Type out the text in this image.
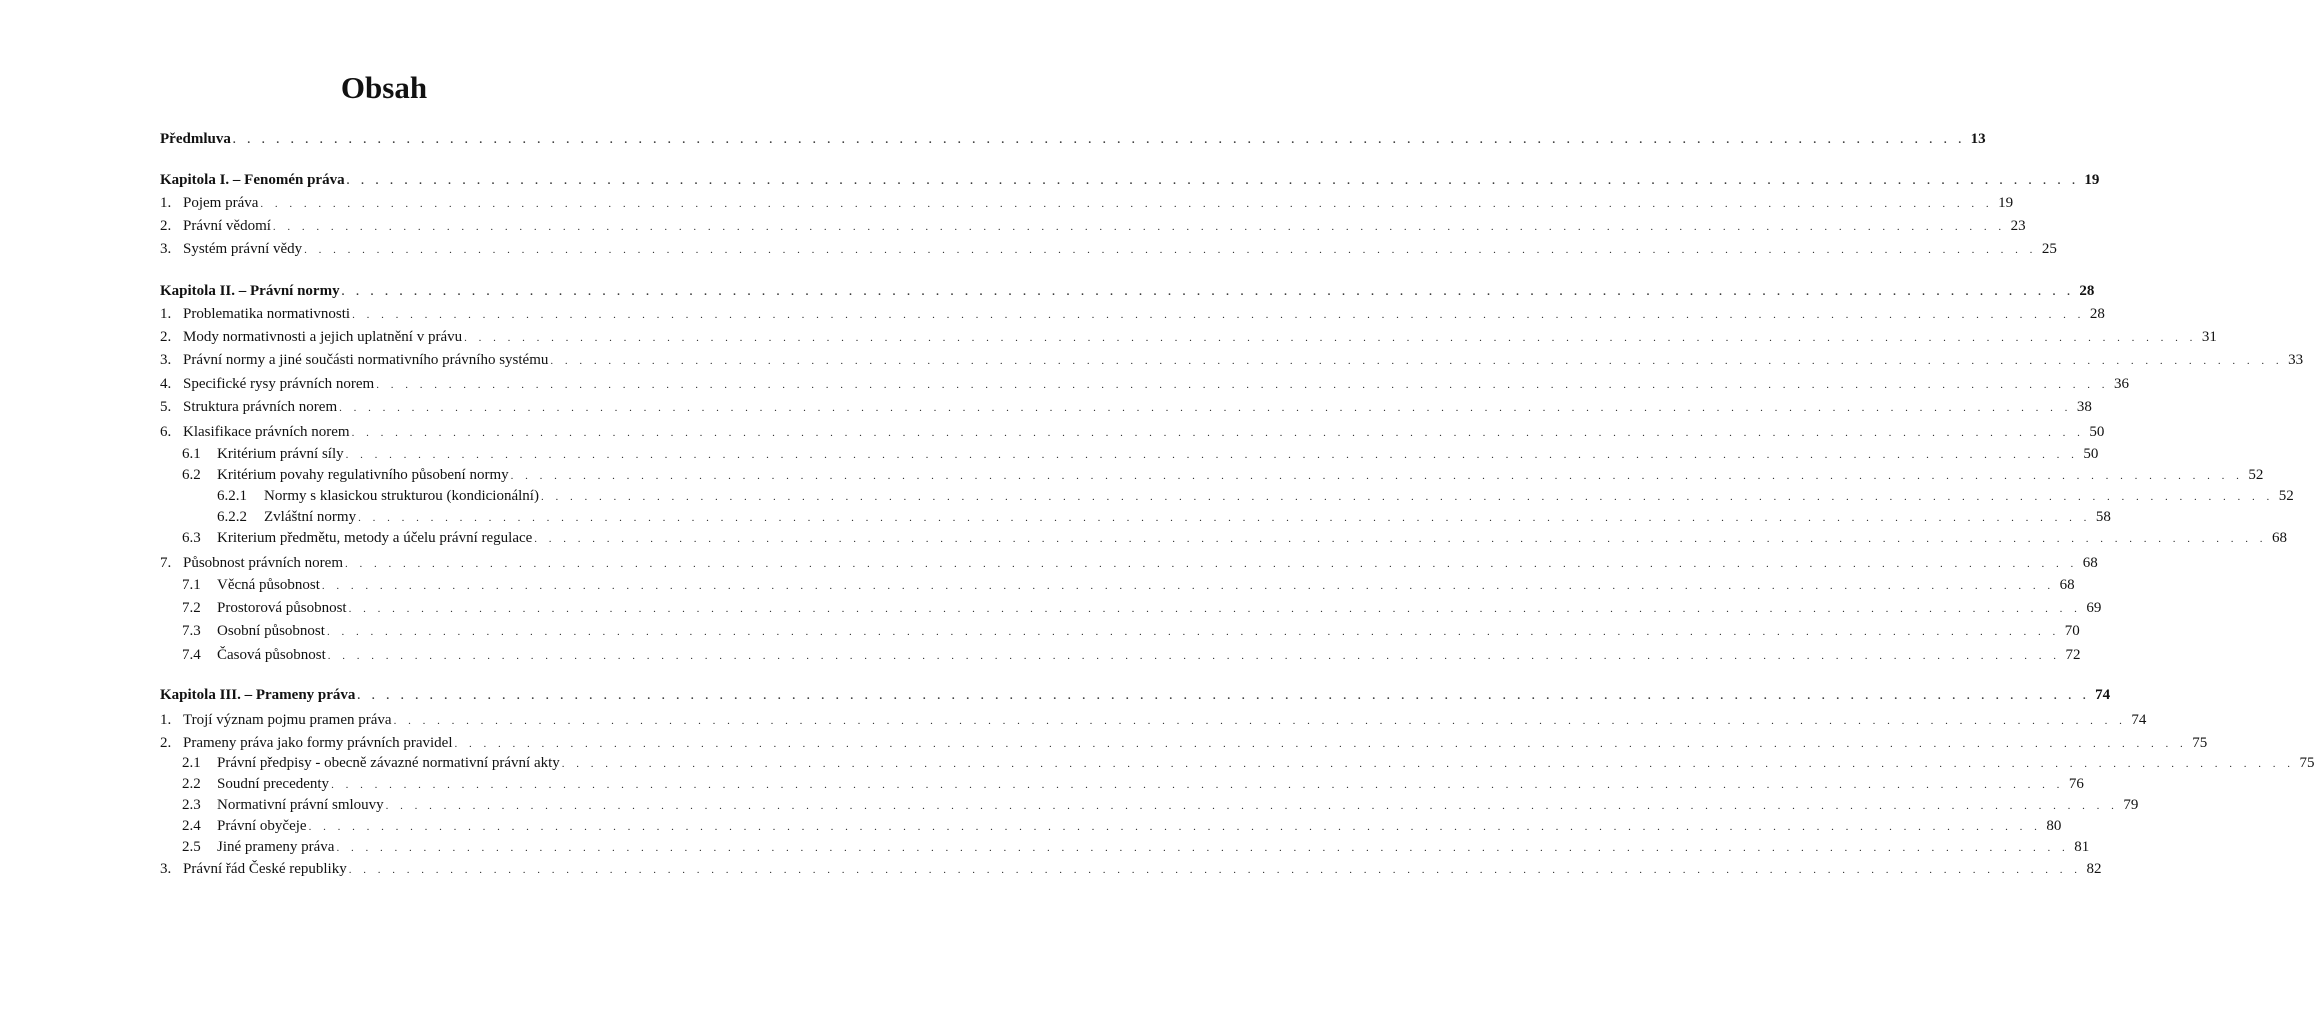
Obsah
Předmluva . . . . . . . . . . . . . . . . . . . . . . . . . . . . . . . . . . . . . . . . . . . . . . . . . . . . . . . . . . . . . . . . . . . . . . . . . . . . . . . . . . . . . . . . . . . . . . . . . . . . . . . . . . . . . . . . . . . . . . . . 13
Kapitola I. – Fenomén práva . . . . . . . . . . . . . . . . . . . . . . . . . . . . . . . . . . . . . . . . . . . . . . . . . . . . . . . . . . . . . . . . . . . . . . . . . . . . . . . . . . . . . . . . . . . . . . . . . . . . . . . . . . . . . . . . . . . . . . . . 19
1. Pojem práva . . . . . . . . . . . . . . . . . . . . . . . . . . . . . . . . . . . . . . . . . . . . . . . . . . . . . . . . . . . . . . . . . . . . . . . . . . . . . . . . . . . . . . . . . . . . . . . . . . . . . . . . . . . . . . . . . . . . . . . . 19
2. Právní vědomí . . . . . . . . . . . . . . . . . . . . . . . . . . . . . . . . . . . . . . . . . . . . . . . . . . . . . . . . . . . . . . . . . . . . . . . . . . . . . . . . . . . . . . . . . . . . . . . . . . . . . . . . . . . . . . . . . . . . . . . . 23
3. Systém právní vědy . . . . . . . . . . . . . . . . . . . . . . . . . . . . . . . . . . . . . . . . . . . . . . . . . . . . . . . . . . . . . . . . . . . . . . . . . . . . . . . . . . . . . . . . . . . . . . . . . . . . . . . . . . . . . . . . . . . . . . . . 25
Kapitola II. – Právní normy . . . . . . . . . . . . . . . . . . . . . . . . . . . . . . . . . . . . . . . . . . . . . . . . . . . . . . . . . . . . . . . . . . . . . . . . . . . . . . . . . . . . . . . . . . . . . . . . . . . . . . . . . . . . . . . . . . . . . . . . 28
1. Problematika normativnosti . . . . . . . . . . . . . . . . . . . . . . . . . . . . . . . . . . . . . . . . . . . . . . . . . . . . . . . . . . . . . . . . . . . . . . . . . . . . . . . . . . . . . . . . . . . . . . . . . . . . . . . . . . . . . . . . . . . . . . . . 28
2. Mody normativnosti a jejich uplatnění v právu . . . . . . . . . . . . . . . . . . . . . . . . . . . . . . . . . . . . . . . . . . . . . . . . . . . . . . . . . . . . . . . . . . . . . . . . . . . . . . . . . . . . . . . . . . . . . . . . . . . . . . . . . . . . . . . . . . . . . . . . 31
3. Právní normy a jiné součásti normativního právního systému . . . . . . . . . . . . . . . . . . . . . . . . . . . . . . . . . . . . . . . . . . . . . . . . . . . . . . . . . . . . . . . . . . . . . . . . . . . . . . . . . . . . . . . . . . . . . . . . . . . . . . . . . . . . . . . . . . . . . . . . 33
4. Specifické rysy právních norem . . . . . . . . . . . . . . . . . . . . . . . . . . . . . . . . . . . . . . . . . . . . . . . . . . . . . . . . . . . . . . . . . . . . . . . . . . . . . . . . . . . . . . . . . . . . . . . . . . . . . . . . . . . . . . . . . . . . . . . . 36
5. Struktura právních norem . . . . . . . . . . . . . . . . . . . . . . . . . . . . . . . . . . . . . . . . . . . . . . . . . . . . . . . . . . . . . . . . . . . . . . . . . . . . . . . . . . . . . . . . . . . . . . . . . . . . . . . . . . . . . . . . . . . . . . . . 38
6. Klasifikace právních norem . . . . . . . . . . . . . . . . . . . . . . . . . . . . . . . . . . . . . . . . . . . . . . . . . . . . . . . . . . . . . . . . . . . . . . . . . . . . . . . . . . . . . . . . . . . . . . . . . . . . . . . . . . . . . . . . . . . . . . . . 50
6.1	Kritérium právní síly . . . . . . . . . . . . . . . . . . . . . . . . . . . . . . . . . . . . . . . . . . . . . . . . . . . . . . . . . . . . . . . . . . . . . . . . . . . . . . . . . . . . . . . . . . . . . . . . . . . . . . . . . . . . . . . . . . . . . . . . 50
6.2	Kritérium povahy regulativního působení normy . . . . . . . . . . . . . . . . . . . . . . . . . . . . . . . . . . . . . . . . . . . . . . . . . . . . . . . . . . . . . . . . . . . . . . . . . . . . . . . . . . . . . . . . . . . . . . . . . . . . . . . . . . . . . . . . . . . . . . . . 52
6.2.1	Normy s klasickou strukturou (kondicionální) . . . . . . . . . . . . . . . . . . . . . . . . . . . . . . . . . . . . . . . . . . . . . . . . . . . . . . . . . . . . . . . . . . . . . . . . . . . . . . . . . . . . . . . . . . . . . . . . . . . . . . . . . . . . . . . . . . . . . . . . 52
6.2.2	Zvláštní normy . . . . . . . . . . . . . . . . . . . . . . . . . . . . . . . . . . . . . . . . . . . . . . . . . . . . . . . . . . . . . . . . . . . . . . . . . . . . . . . . . . . . . . . . . . . . . . . . . . . . . . . . . . . . . . . . . . . . . . . . 58
6.3	Kriterium předmětu, metody a účelu právní regulace . . . . . . . . . . . . . . . . . . . . . . . . . . . . . . . . . . . . . . . . . . . . . . . . . . . . . . . . . . . . . . . . . . . . . . . . . . . . . . . . . . . . . . . . . . . . . . . . . . . . . . . . . . . . . . . . . . . . . . . . 68
7. Působnost právních norem . . . . . . . . . . . . . . . . . . . . . . . . . . . . . . . . . . . . . . . . . . . . . . . . . . . . . . . . . . . . . . . . . . . . . . . . . . . . . . . . . . . . . . . . . . . . . . . . . . . . . . . . . . . . . . . . . . . . . . . . 68
7.1	Věcná působnost . . . . . . . . . . . . . . . . . . . . . . . . . . . . . . . . . . . . . . . . . . . . . . . . . . . . . . . . . . . . . . . . . . . . . . . . . . . . . . . . . . . . . . . . . . . . . . . . . . . . . . . . . . . . . . . . . . . . . . . . 68
7.2	Prostorová působnost . . . . . . . . . . . . . . . . . . . . . . . . . . . . . . . . . . . . . . . . . . . . . . . . . . . . . . . . . . . . . . . . . . . . . . . . . . . . . . . . . . . . . . . . . . . . . . . . . . . . . . . . . . . . . . . . . . . . . . . . 69
7.3	Osobní působnost . . . . . . . . . . . . . . . . . . . . . . . . . . . . . . . . . . . . . . . . . . . . . . . . . . . . . . . . . . . . . . . . . . . . . . . . . . . . . . . . . . . . . . . . . . . . . . . . . . . . . . . . . . . . . . . . . . . . . . . . 70
7.4	Časová působnost . . . . . . . . . . . . . . . . . . . . . . . . . . . . . . . . . . . . . . . . . . . . . . . . . . . . . . . . . . . . . . . . . . . . . . . . . . . . . . . . . . . . . . . . . . . . . . . . . . . . . . . . . . . . . . . . . . . . . . . . 72
Kapitola III. – Prameny práva . . . . . . . . . . . . . . . . . . . . . . . . . . . . . . . . . . . . . . . . . . . . . . . . . . . . . . . . . . . . . . . . . . . . . . . . . . . . . . . . . . . . . . . . . . . . . . . . . . . . . . . . . . . . . . . . . . . . . . . . 74
1. Trojí význam pojmu pramen práva . . . . . . . . . . . . . . . . . . . . . . . . . . . . . . . . . . . . . . . . . . . . . . . . . . . . . . . . . . . . . . . . . . . . . . . . . . . . . . . . . . . . . . . . . . . . . . . . . . . . . . . . . . . . . . . . . . . . . . . . 74
2. Prameny práva jako formy právních pravidel . . . . . . . . . . . . . . . . . . . . . . . . . . . . . . . . . . . . . . . . . . . . . . . . . . . . . . . . . . . . . . . . . . . . . . . . . . . . . . . . . . . . . . . . . . . . . . . . . . . . . . . . . . . . . . . . . . . . . . . . 75
2.1	Právní předpisy - obecně závazné normativní právní akty . . . . . . . . . . . . . . . . . . . . . . . . . . . . . . . . . . . . . . . . . . . . . . . . . . . . . . . . . . . . . . . . . . . . . . . . . . . . . . . . . . . . . . . . . . . . . . . . . . . . . . . . . . . . . . . . . . . . . . . . 75
2.2	Soudní precedenty . . . . . . . . . . . . . . . . . . . . . . . . . . . . . . . . . . . . . . . . . . . . . . . . . . . . . . . . . . . . . . . . . . . . . . . . . . . . . . . . . . . . . . . . . . . . . . . . . . . . . . . . . . . . . . . . . . . . . . . . 76
2.3	Normativní právní smlouvy . . . . . . . . . . . . . . . . . . . . . . . . . . . . . . . . . . . . . . . . . . . . . . . . . . . . . . . . . . . . . . . . . . . . . . . . . . . . . . . . . . . . . . . . . . . . . . . . . . . . . . . . . . . . . . . . . . . . . . . . 79
2.4	Právní obyčeje . . . . . . . . . . . . . . . . . . . . . . . . . . . . . . . . . . . . . . . . . . . . . . . . . . . . . . . . . . . . . . . . . . . . . . . . . . . . . . . . . . . . . . . . . . . . . . . . . . . . . . . . . . . . . . . . . . . . . . . . 80
2.5	Jiné prameny práva . . . . . . . . . . . . . . . . . . . . . . . . . . . . . . . . . . . . . . . . . . . . . . . . . . . . . . . . . . . . . . . . . . . . . . . . . . . . . . . . . . . . . . . . . . . . . . . . . . . . . . . . . . . . . . . . . . . . . . . . 81
3. Právní řád České republiky . . . . . . . . . . . . . . . . . . . . . . . . . . . . . . . . . . . . . . . . . . . . . . . . . . . . . . . . . . . . . . . . . . . . . . . . . . . . . . . . . . . . . . . . . . . . . . . . . . . . . . . . . . . . . . . . . . . . . . . . 82
